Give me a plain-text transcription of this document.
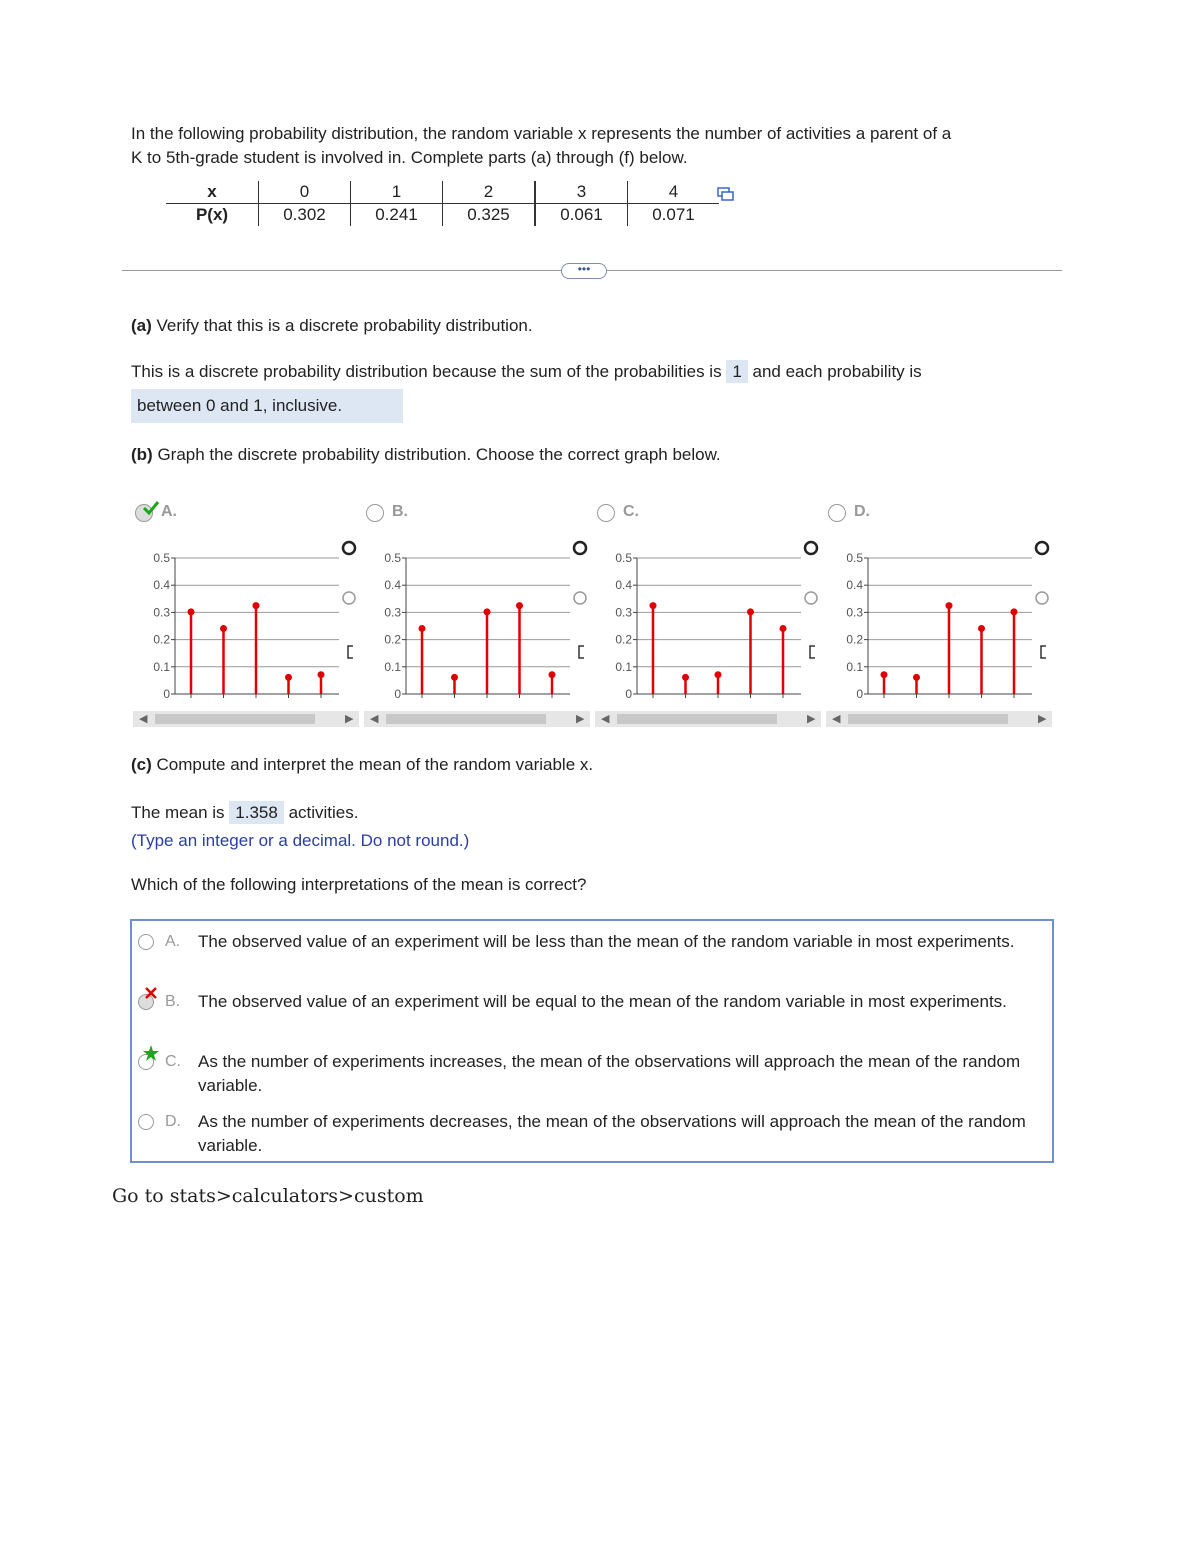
In the following probability distribution, the random variable x represents the number of activities a parent of a

K to 5th-grade student is involved in. Complete parts (a) through (f) below.

x	0	1	2	3	4
P(x)	0.302	0.241	0.325	0.061	0.071
•••

(a) Verify that this is a discrete probability distribution.

This is a discrete probability distribution because the sum of the probabilities is 1 and each probability is

between 0 and 1, inclusive.

(b) Graph the discrete probability distribution. Choose the correct graph below.

A.
0.5
0.4
0.3
0.2
0.1
0
◀	▶
B.
0.5
0.4
0.3
0.2
0.1
0
◀	▶
C.
0.5
0.4
0.3
0.2
0.1
0
◀	▶
D.
0.5
0.4
0.3
0.2
0.1
0
◀	▶

(c) Compute and interpret the mean of the random variable x.

The mean is 1.358 activities.

(Type an integer or a decimal. Do not round.)

Which of the following interpretations of the mean is correct?

A. The observed value of an experiment will be less than the mean of the random variable in most experiments.
B. The observed value of an experiment will be equal to the mean of the random variable in most experiments.
C. As the number of experiments increases, the mean of the observations will approach the mean of the random variable.
D. As the number of experiments decreases, the mean of the observations will approach the mean of the random variable.

Go to stats>calculators>custom
